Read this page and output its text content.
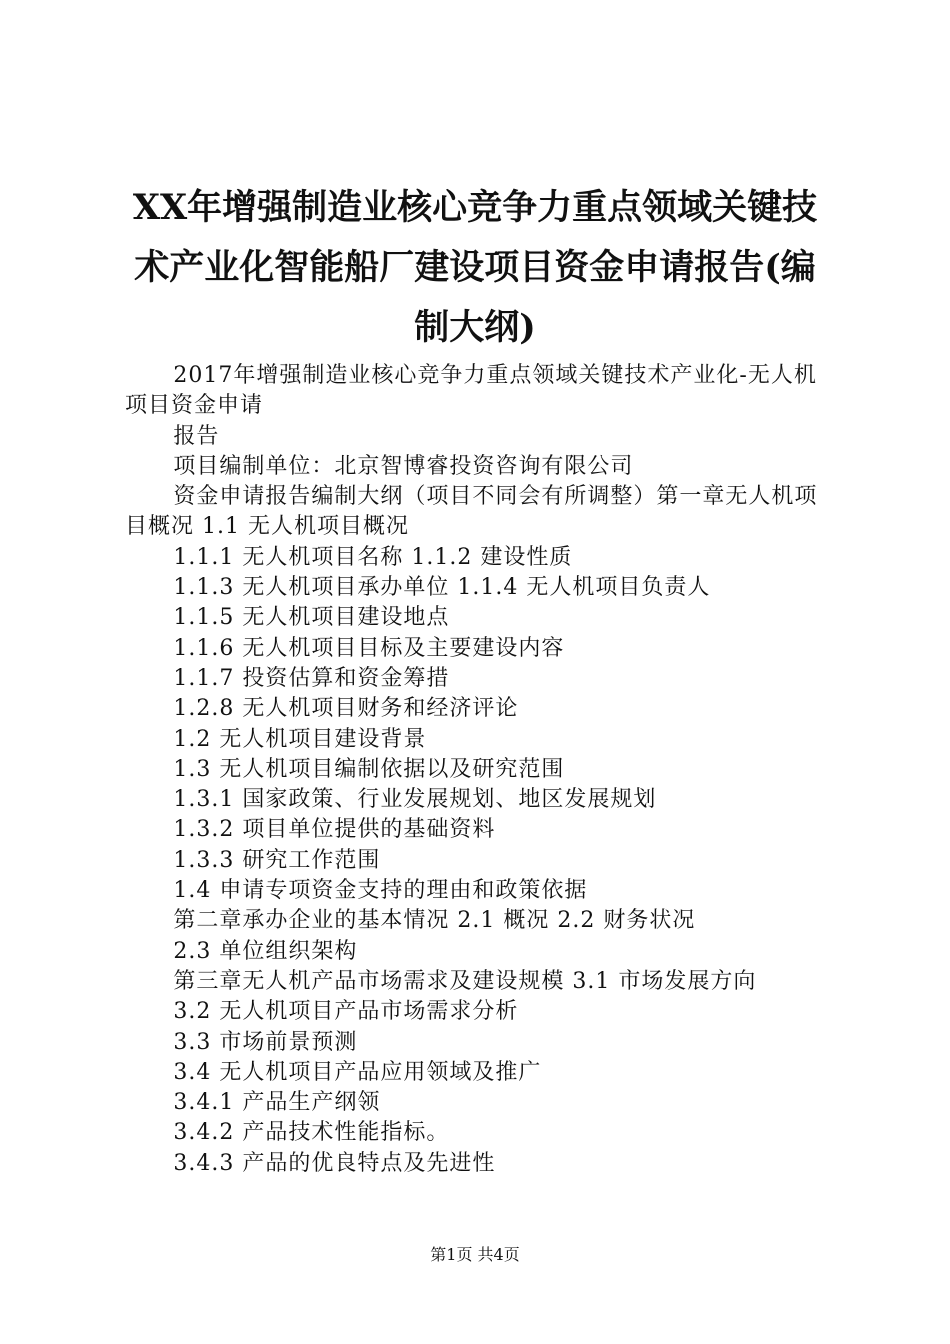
XX年增强制造业核心竞争力重点领域关键技术产业化智能船厂建设项目资金申请报告(编制大纲)

2017年增强制造业核心竞争力重点领域关键技术产业化-无人机项目资金申请

报告

项目编制单位：北京智博睿投资咨询有限公司

资金申请报告编制大纲（项目不同会有所调整）第一章无人机项目概况 1.1 无人机项目概况

1.1.1 无人机项目名称 1.1.2 建设性质

1.1.3 无人机项目承办单位 1.1.4 无人机项目负责人

1.1.5 无人机项目建设地点

1.1.6 无人机项目目标及主要建设内容

1.1.7 投资估算和资金筹措

1.2.8 无人机项目财务和经济评论

1.2 无人机项目建设背景

1.3 无人机项目编制依据以及研究范围

1.3.1 国家政策、行业发展规划、地区发展规划

1.3.2 项目单位提供的基础资料

1.3.3 研究工作范围

1.4 申请专项资金支持的理由和政策依据

第二章承办企业的基本情况 2.1 概况 2.2 财务状况

2.3 单位组织架构

第三章无人机产品市场需求及建设规模 3.1 市场发展方向

3.2 无人机项目产品市场需求分析

3.3 市场前景预测

3.4 无人机项目产品应用领域及推广

3.4.1 产品生产纲领

3.4.2 产品技术性能指标。

3.4.3 产品的优良特点及先进性

第1页 共4页
